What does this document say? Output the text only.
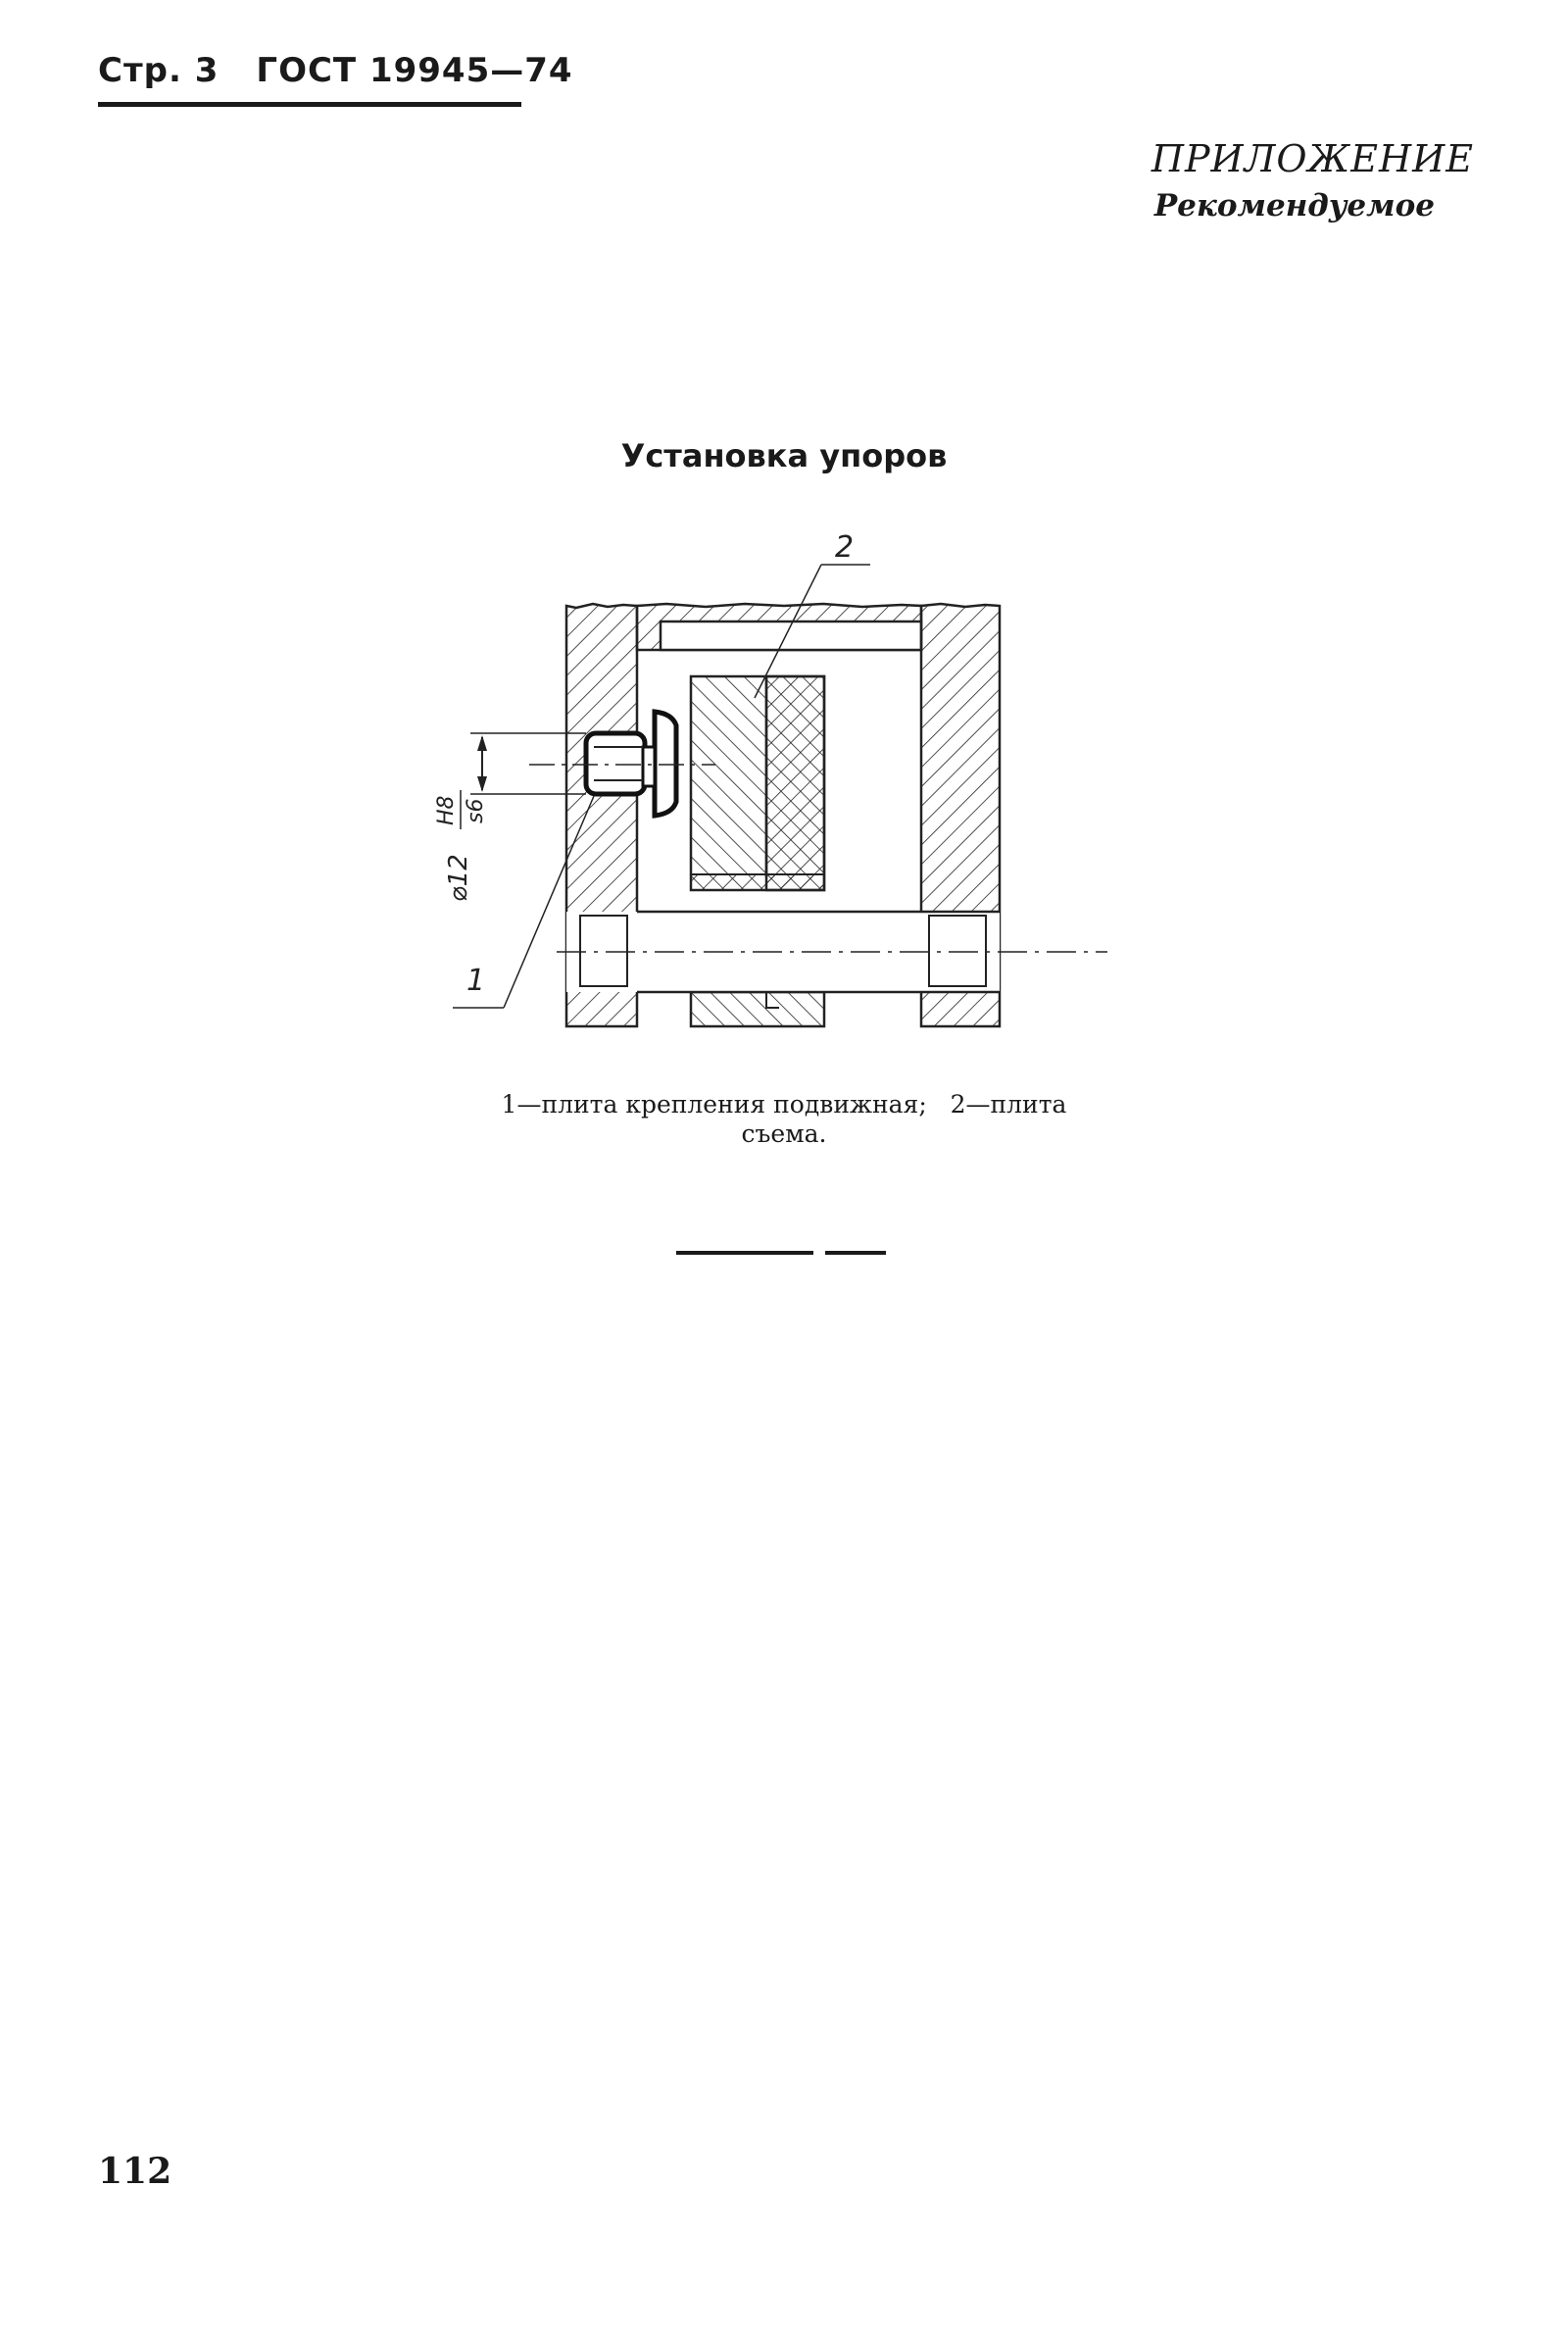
Стр. 3 ГОСТ 19945—74
ПРИЛОЖЕНИЕ
Рекомендуемое
Установка упоров
⌀12
Н8 s6
1
2
1—плита крепления подвижная;   2—плита
съема.
112
